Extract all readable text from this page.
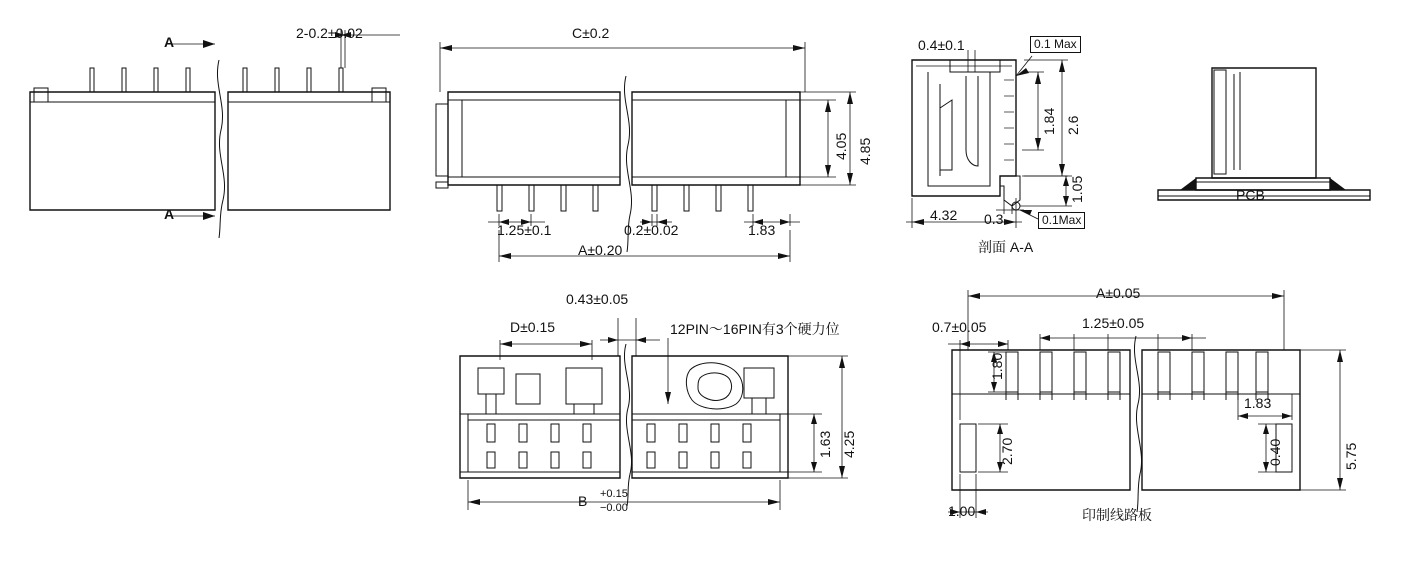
2-0.2±0.02
A
A
C±0.2
4.05 4.85
1.25±0.1	0.2±0.02	1.83
A±0.20
0.4±0.1	0.1 Max
1.84 2.6
1.05
0.3	0.1Max
4.32
剖面 A-A
PCB
0.43±0.05
D±0.15	12PIN～16PIN有3个硬力位
1.63 4.25
B +0.15
−0.00
A±0.05
0.7±0.05	1.25±0.05
1.80
1.83
5.75
2.70	0.40
1.00	印制线路板
